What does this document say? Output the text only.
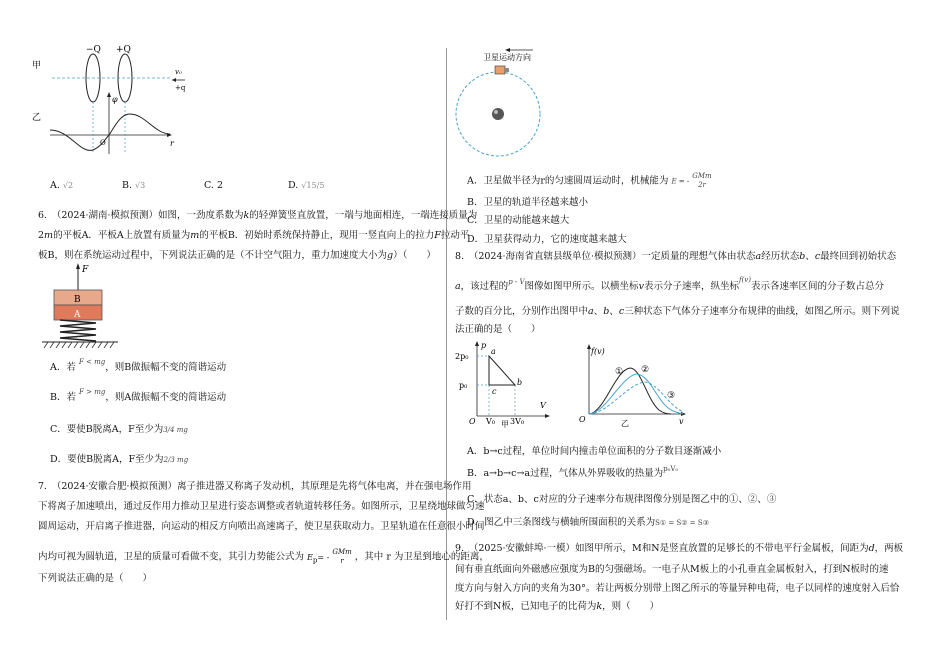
−Q +Q
甲
v₀
+q
φ
r
O
乙
A. √2	B. √3	C. 2	D. √15/5
6.　（2024·湖南·模拟预测）如图，一劲度系数为k的轻弹簧竖直放置，一端与地面相连，一端连接质量为
2m的平板A．平板A上放置有质量为m的平板B．初始时系统保持静止，现用一竖直向上的拉力F拉动平
板B，则在系统运动过程中，下列说法正确的是（不计空气阻力，重力加速度大小为g）（　　）
F
B
A
A．若 $^{F < mg}$，则B做振幅不变的简谐运动
B．若 $^{F > mg}$，则A做振幅不变的简谐运动
C．要使B脱离A，F至少为3/4 mg
D．要使B脱离A，F至少为2/3 mg
7.　（2024·安徽合肥·模拟预测）离子推进器又称离子发动机，其原理是先将气体电离，并在强电场作用
下将离子加速喷出，通过反作用力推动卫星进行姿态调整或者轨道转移任务。如图所示，卫星绕地球做匀速
圆周运动，开启离子推进器，向运动的相反方向喷出高速离子，使卫星获取动力。卫星轨道在任意很小时间
内均可视为圆轨道，卫星的质量可看做不变，其引力势能公式为 $E_p=$ - GMm
r ，其中 r 为卫星到地心的距离，
下列说法正确的是（　　）
卫星运动方向
A．卫星做半径为r的匀速圆周运动时，机械能为 E = - GMm
2r
B．卫星的轨道半径越来越小
C．卫星的动能越来越大
D．卫星获得动力，它的速度越来越大
8.　（2024·海南省直辖县级单位·模拟预测）一定质量的理想气体由状态a经历状态b、c最终回到初始状态
a，该过程的$^{p - V}$图像如图甲所示。以横坐标v表示分子速率，纵坐标$^{f(v)}$表示各速率区间的分子数占总分
子数的百分比，分别作出图甲中a、b、c三种状态下气体分子速率分布规律的曲线，如图乙所示。则下列说
法正确的是（　　）
p
V
O
2p₀
p₀
V₀ 3V₀
a
b
c
甲
f(v)
v
O
① ②
③
乙
A．b→c过程，单位时间内撞击单位面积的分子数目逐渐减小
B．a→b→c→a过程，气体从外界吸收的热量为$^{p_0V_0}$
C．状态a、b、c对应的分子速率分布规律图像分别是图乙中的①、②、③
D．图乙中三条图线与横轴所围面积的关系为S① = S② = S③
9.　（2025·安徽蚌埠·一模）如图甲所示，M和N是竖直放置的足够长的不带电平行金属板，间距为d，两板
间有垂直纸面向外磁感应强度为B的匀强磁场。一电子从M板上的小孔垂直金属板射入，打到N板时的速
度方向与射入方向的夹角为30°。若让两板分别带上图乙所示的等量异种电荷，电子以同样的速度射入后恰
好打不到N板，已知电子的比荷为k，则（　　）
